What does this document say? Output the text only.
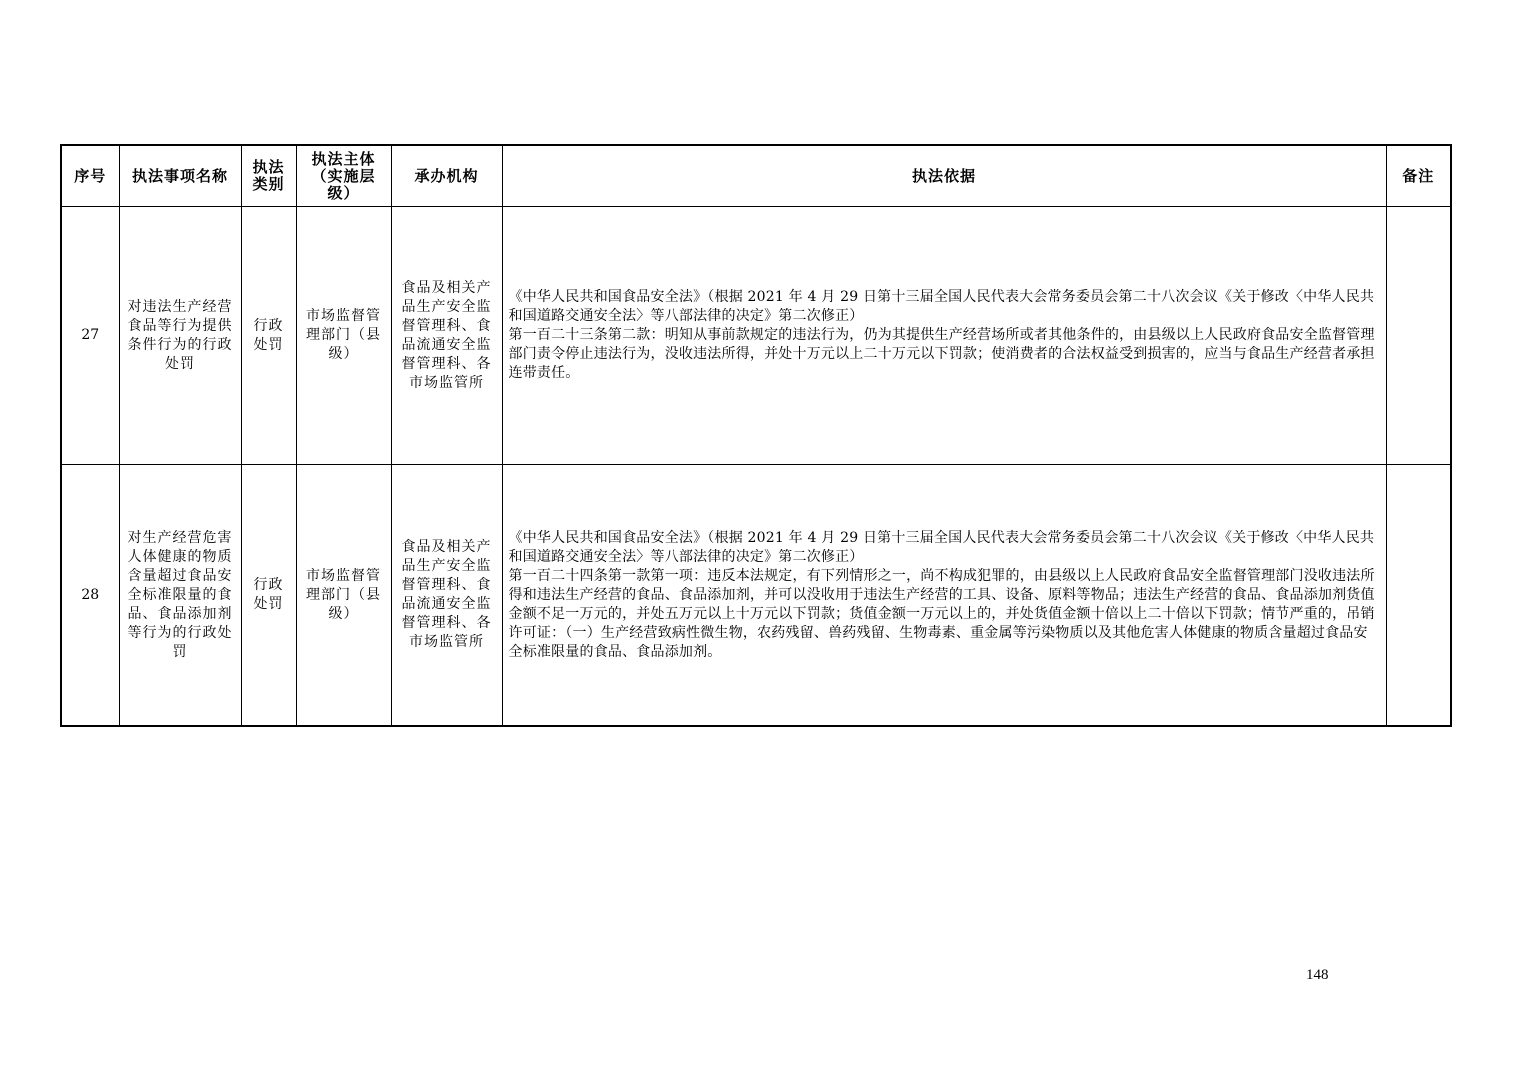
序号	执法事项名称	执法类别	执法主体（实施层级）	承办机构	执法依据	备注

27	对违法生产经营食品等行为提供条件行为的行政处罚	行政处罚	市场监督管理部门（县级）	食品及相关产品生产安全监督管理科、食品流通安全监督管理科、各市场监管所	《中华人民共和国食品安全法》（根据 2021 年 4 月 29 日第十三届全国人民代表大会常务委员会第二十八次会议《关于修改〈中华人民共和国道路交通安全法〉等八部法律的决定》第二次修正）
第一百二十三条第二款：明知从事前款规定的违法行为，仍为其提供生产经营场所或者其他条件的，由县级以上人民政府食品安全监督管理部门责令停止违法行为，没收违法所得，并处十万元以上二十万元以下罚款；使消费者的合法权益受到损害的，应当与食品生产经营者承担连带责任。	

28	对生产经营危害人体健康的物质含量超过食品安全标准限量的食品、食品添加剂等行为的行政处罚	行政处罚	市场监督管理部门（县级）	食品及相关产品生产安全监督管理科、食品流通安全监督管理科、各市场监管所	《中华人民共和国食品安全法》（根据 2021 年 4 月 29 日第十三届全国人民代表大会常务委员会第二十八次会议《关于修改〈中华人民共和国道路交通安全法〉等八部法律的决定》第二次修正）
第一百二十四条第一款第一项：违反本法规定，有下列情形之一，尚不构成犯罪的，由县级以上人民政府食品安全监督管理部门没收违法所得和违法生产经营的食品、食品添加剂，并可以没收用于违法生产经营的工具、设备、原料等物品；违法生产经营的食品、食品添加剂货值金额不足一万元的，并处五万元以上十万元以下罚款；货值金额一万元以上的，并处货值金额十倍以上二十倍以下罚款；情节严重的，吊销许可证：（一）生产经营致病性微生物，农药残留、兽药残留、生物毒素、重金属等污染物质以及其他危害人体健康的物质含量超过食品安全标准限量的食品、食品添加剂。	

148
